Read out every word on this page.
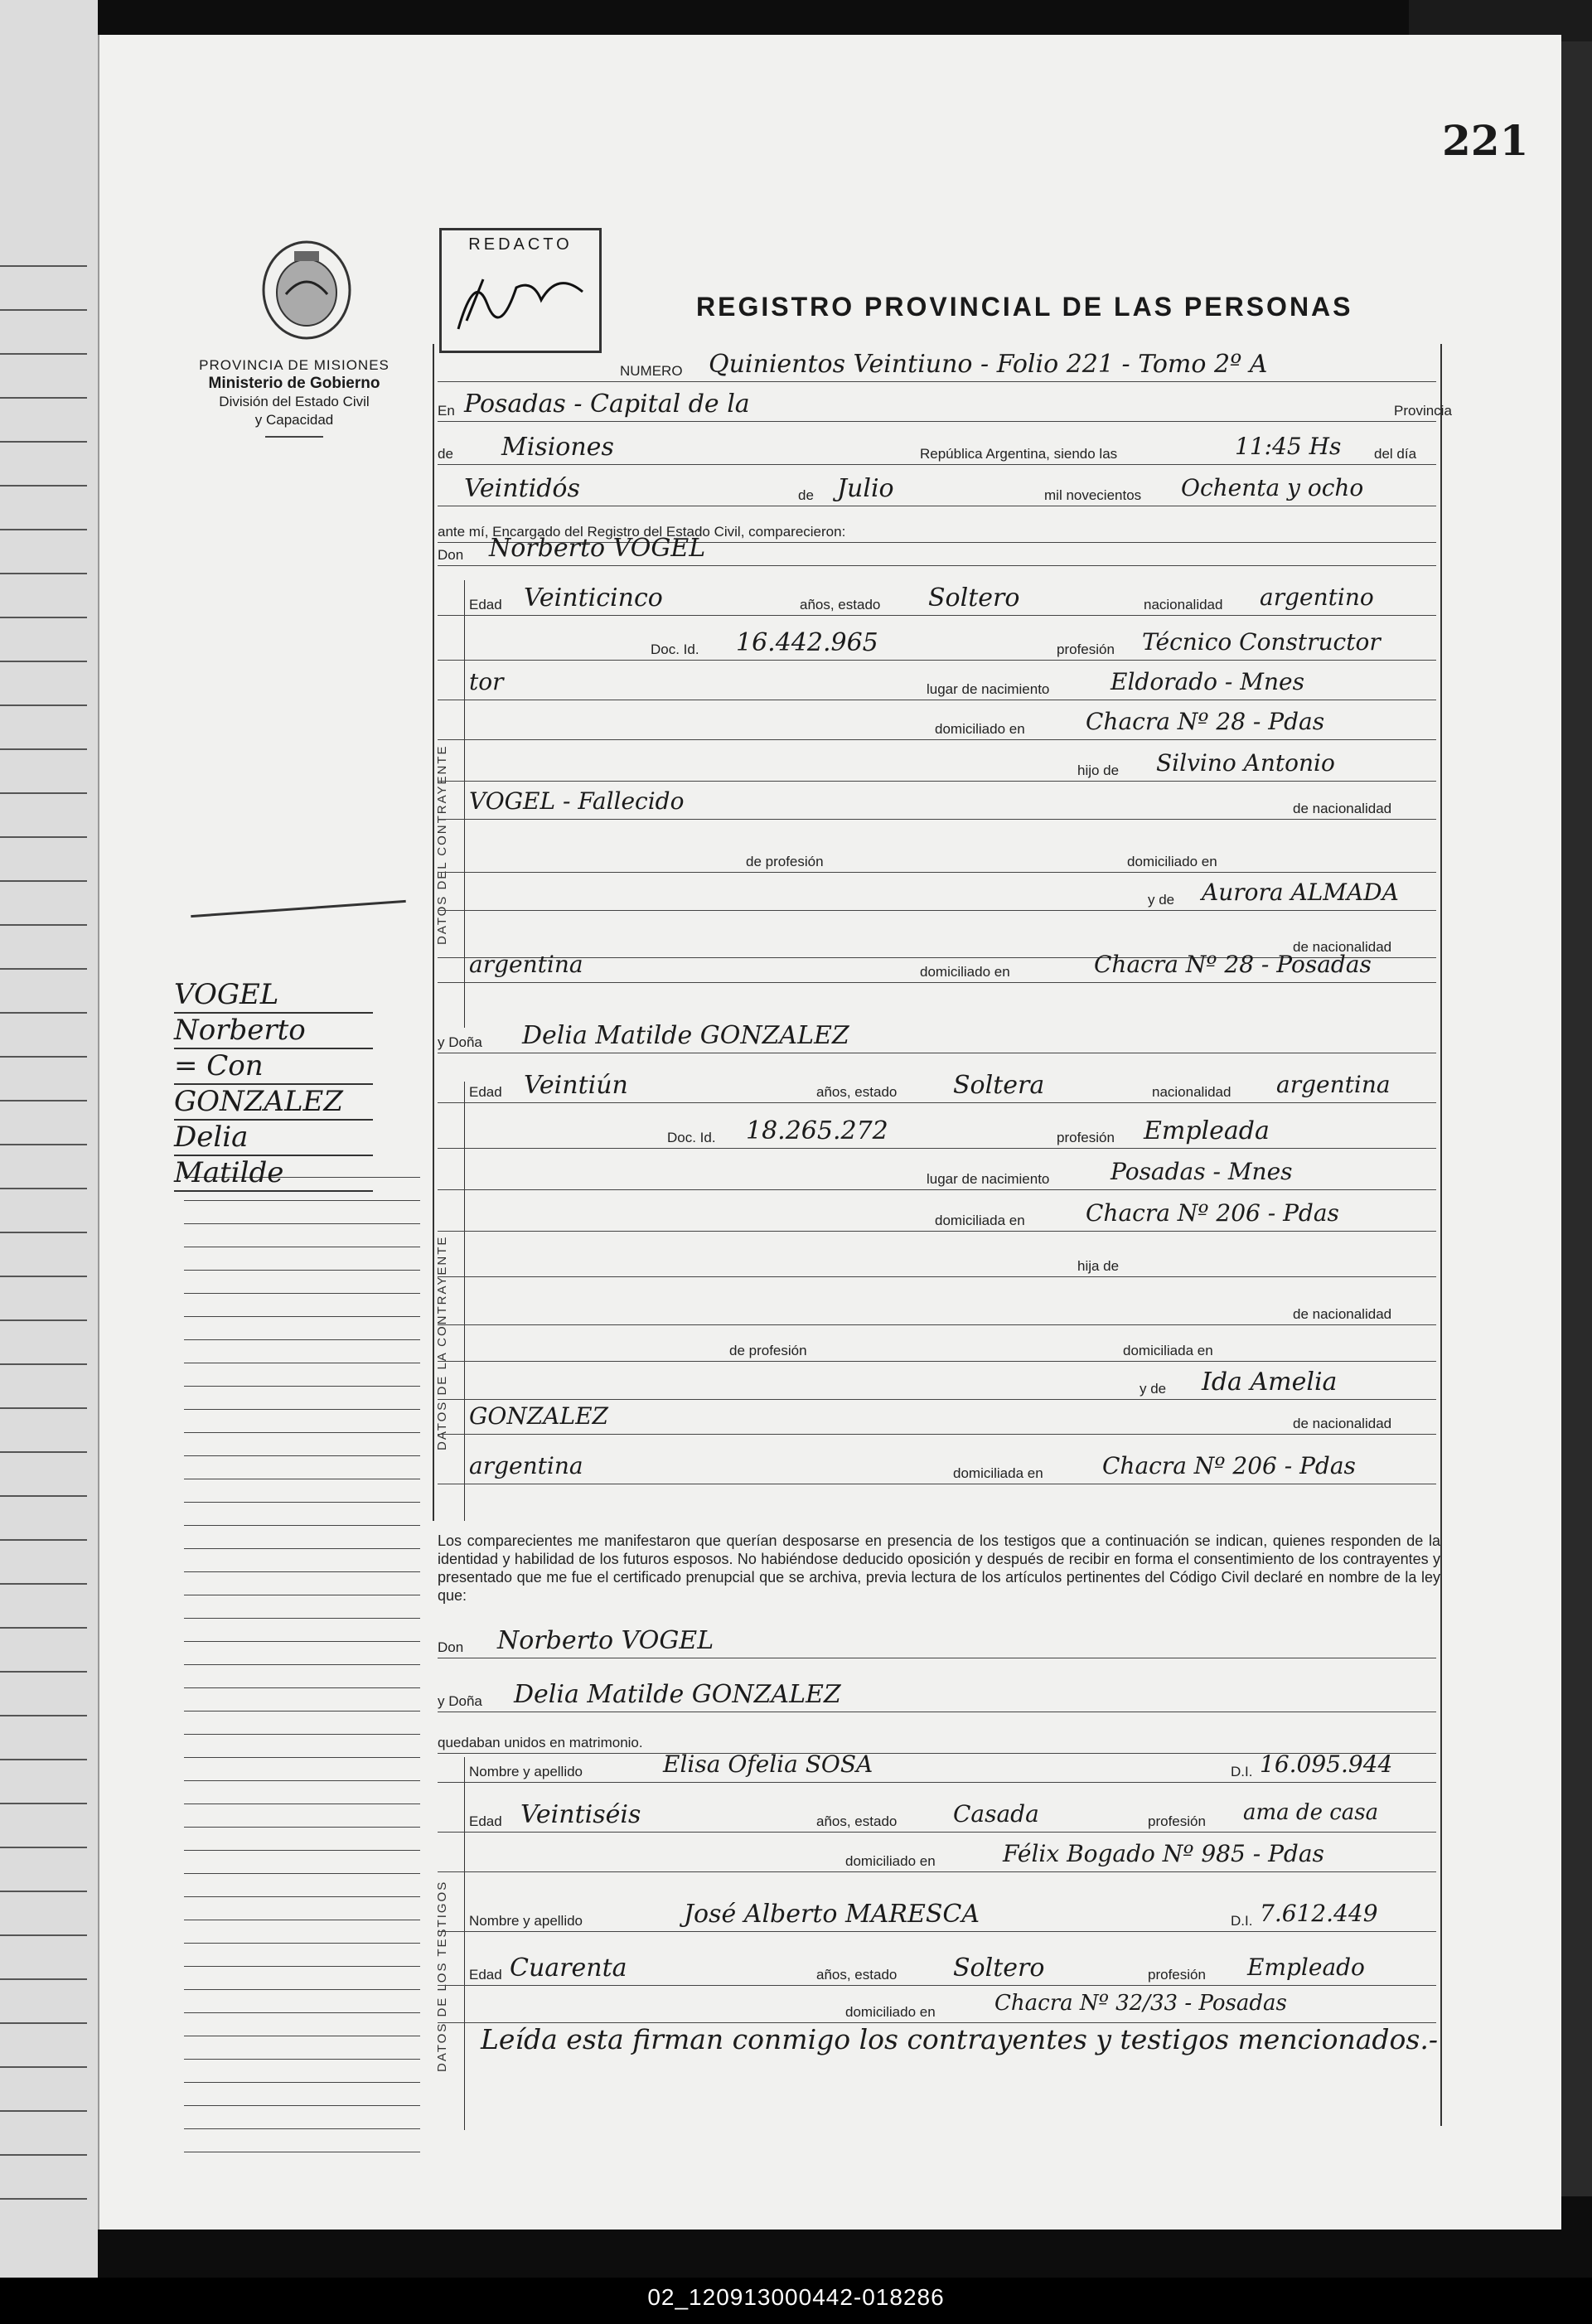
02_120913000442-018286
221
PROVINCIA DE MISIONES
Ministerio de Gobierno
División del Estado Civil
y Capacidad
REDACTO
REGISTRO PROVINCIAL DE LAS PERSONAS
DATOS DEL CONTRAYENTE
DATOS DE LA CONTRAYENTE
DATOS DE LOS TESTIGOS
VOGEL
Norberto
= Con
GONZALEZ
Delia
Matilde
NUMERO Quinientos Veintiuno - Folio 221 - Tomo 2º A
En Posadas - Capital de la	Provincia
de Misiones	República Argentina, siendo las	11:45 Hs del día
Veintidós	de Julio	mil novecientos Ochenta y ocho
ante mí, Encargado del Registro del Estado Civil, comparecieron:
Don Norberto VOGEL
Edad Veinticinco	años, estado Soltero	nacionalidad argentino
Doc. Id. 16.442.965	profesión Técnico Constructor
tor	lugar de nacimiento	Eldorado - Mnes
domiciliado en	Chacra Nº 28 - Pdas
hijo de Silvino Antonio
VOGEL - Fallecido	de nacionalidad
de profesión	domiciliado en
y de Aurora ALMADA
de nacionalidad
argentina	domiciliado en	Chacra Nº 28 - Posadas
y Doña Delia Matilde GONZALEZ
Edad Veintiún	años, estado Soltera	nacionalidad argentina
Doc. Id. 18.265.272	profesión Empleada
lugar de nacimiento	Posadas - Mnes
domiciliada en	Chacra Nº 206 - Pdas
hija de
de nacionalidad
de profesión	domiciliada en
y de Ida Amelia
GONZALEZ	de nacionalidad
argentina	domiciliada en	Chacra Nº 206 - Pdas
Don Norberto VOGEL
y Doña Delia Matilde GONZALEZ
quedaban unidos en matrimonio.
Nombre y apellido	Elisa Ofelia SOSA	D.I. 16.095.944
Edad Veintiséis	años, estado Casada	profesión ama de casa
domiciliado en	Félix Bogado Nº 985 - Pdas
Nombre y apellido	José Alberto MARESCA	D.I. 7.612.449
Edad Cuarenta	años, estado Soltero	profesión Empleado
domiciliado en	Chacra Nº 32/33 - Posadas
Los comparecientes me manifestaron que querían desposarse en presencia de los testigos que a continuación se indican, quienes responden de la identidad y habilidad de los futuros esposos. No habiéndose deducido oposición y después de recibir en forma el consentimiento de los contrayentes y presentado que me fue el certificado prenupcial que se archiva, previa lectura de los artículos pertinentes del Código Civil declaré en nombre de la ley que:
Leída esta firman conmigo los contrayentes y testigos mencionados.-
